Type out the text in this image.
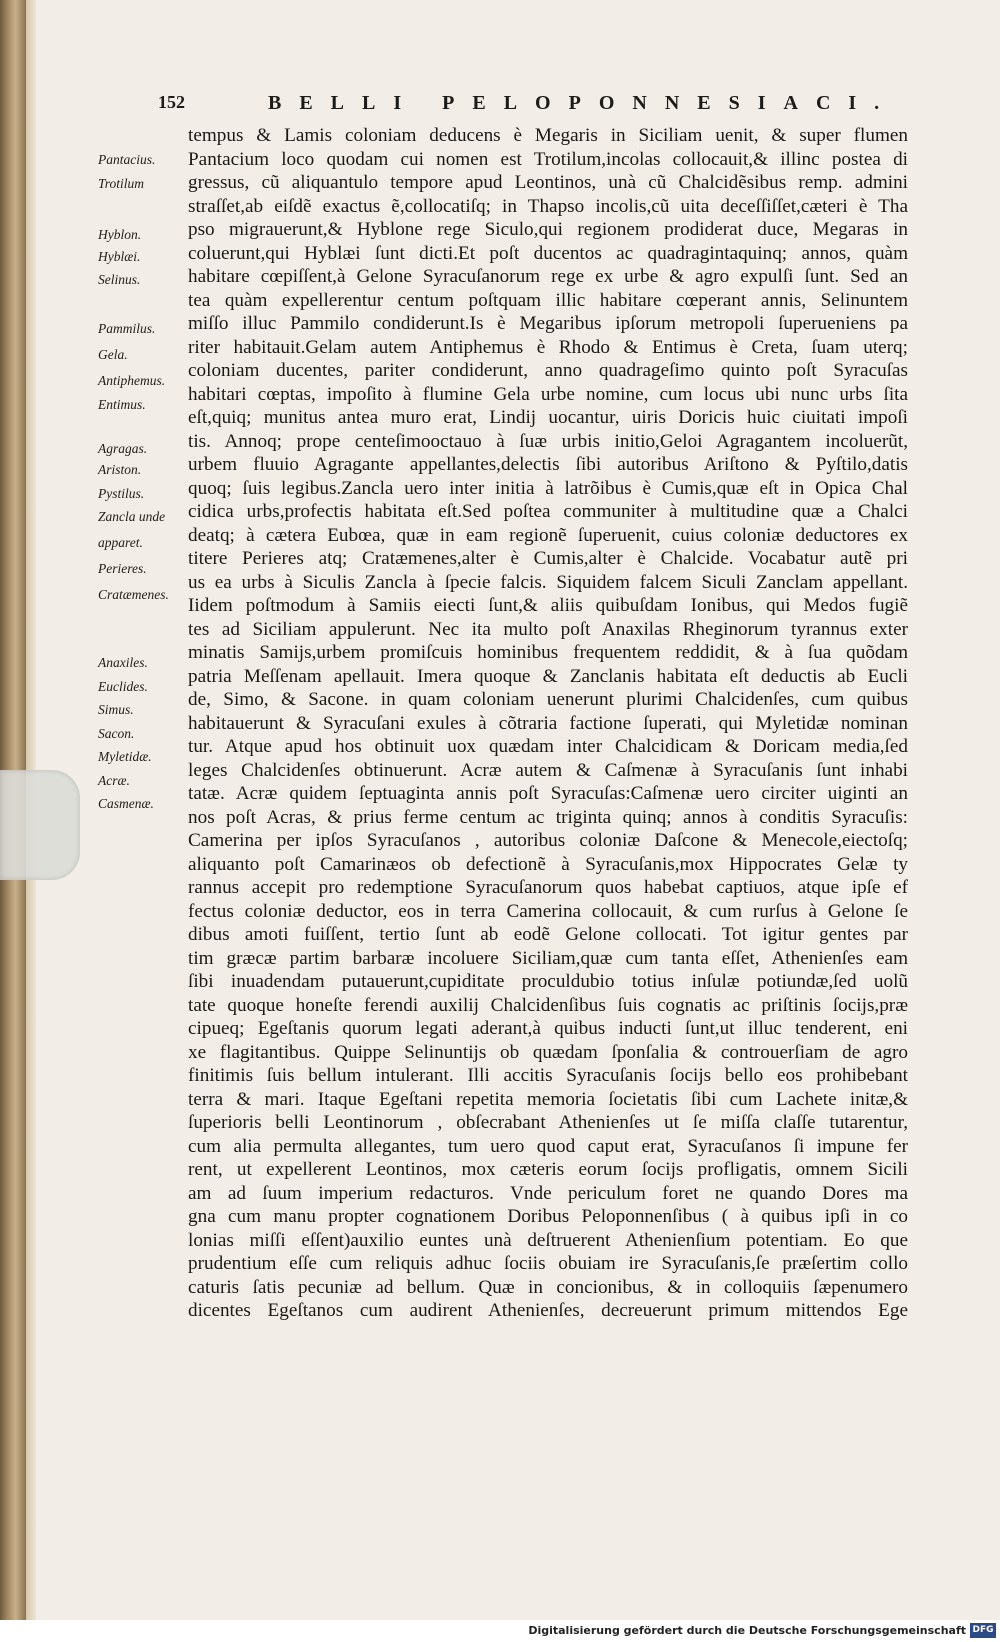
152	BELLI PELOPONNESIACI.
Pantacius.
Trotilum
Hyblon.
Hyblæi.
Selinus.
Pammilus.
Gela.
Antiphemus.
Entimus.
Agragas.
Ariston.
Pystilus.
Zancla unde
apparet.
Perieres.
Cratæmenes.
Anaxiles.
Euclides.
Simus.
Sacon.
Myletidæ.
Acræ.
Casmenæ.
tempus & Lamis coloniam deducens è Megaris in Siciliam uenit, & super flumen
Pantacium loco quodam cui nomen est Trotilum,incolas collocauit,& illinc postea di
gressus, cũ aliquantulo tempore apud Leontinos, unà cũ Chalcidẽsibus remp. admini
straſſet,ab eiſdẽ exactus ẽ,collocatiſq; in Thapso incolis,cũ uita deceſſiſſet,cæteri è Tha
pso migrauerunt,& Hyblone rege Siculo,qui regionem prodiderat duce, Megaras in
coluerunt,qui Hyblæi ſunt dicti.Et poſt ducentos ac quadragintaquinq; annos, quàm
habitare cœpiſſent,à Gelone Syracuſanorum rege ex urbe & agro expulſi ſunt. Sed an
tea quàm expellerentur centum poſtquam illic habitare cœperant annis, Selinuntem
miſſo illuc Pammilo condiderunt.Is è Megaribus ipſorum metropoli ſuperueniens pa
riter habitauit.Gelam autem Antiphemus è Rhodo & Entimus è Creta, ſuam uterq;
coloniam ducentes, pariter condiderunt, anno quadrageſimo quinto poſt Syracuſas
habitari cœptas, impoſito à flumine Gela urbe nomine, cum locus ubi nunc urbs ſita
eſt,quiq; munitus antea muro erat, Lindij uocantur, uiris Doricis huic ciuitati impoſi
tis. Annoq; prope centeſimooctauo à ſuæ urbis initio,Geloi Agragantem incoluerũt,
urbem fluuio Agragante appellantes,delectis ſibi autoribus Ariſtono & Pyſtilo,datis
quoq; ſuis legibus.Zancla uero inter initia à latrõibus è Cumis,quæ eſt in Opica Chal
cidica urbs,profectis habitata eſt.Sed poſtea communiter à multitudine quæ a Chalci
deatq; à cætera Eubœa, quæ in eam regionẽ ſuperuenit, cuius coloniæ deductores ex
titere Perieres atq; Cratæmenes,alter è Cumis,alter è Chalcide. Vocabatur autẽ pri
us ea urbs à Siculis Zancla à ſpecie falcis. Siquidem falcem Siculi Zanclam appellant.
Iidem poſtmodum à Samiis eiecti ſunt,& aliis quibuſdam Ionibus, qui Medos fugiẽ
tes ad Siciliam appulerunt. Nec ita multo poſt Anaxilas Rheginorum tyrannus exter
minatis Samijs,urbem promiſcuis hominibus frequentem reddidit, & à ſua quõdam
patria Meſſenam apellauit. Imera quoque & Zanclanis habitata eſt deductis ab Eucli
de, Simo, & Sacone. in quam coloniam uenerunt plurimi Chalcidenſes, cum quibus
habitauerunt & Syracuſani exules à cõtraria factione ſuperati, qui Myletidæ nominan
tur. Atque apud hos obtinuit uox quædam inter Chalcidicam & Doricam media,ſed
leges Chalcidenſes obtinuerunt. Acræ autem & Caſmenæ à Syracuſanis ſunt inhabi
tatæ. Acræ quidem ſeptuaginta annis poſt Syracuſas:Caſmenæ uero circiter uiginti an
nos poſt Acras, & prius ferme centum ac triginta quinq; annos à conditis Syracuſis:
Camerina per ipſos Syracuſanos , autoribus coloniæ Daſcone & Menecole,eiectoſq;
aliquanto poſt Camarinæos ob defectionẽ à Syracuſanis,mox Hippocrates Gelæ ty
rannus accepit pro redemptione Syracuſanorum quos habebat captiuos, atque ipſe ef
fectus coloniæ deductor, eos in terra Camerina collocauit, & cum rurſus à Gelone ſe
dibus amoti fuiſſent, tertio ſunt ab eodẽ Gelone collocati. Tot igitur gentes par
tim græcæ partim barbaræ incoluere Siciliam,quæ cum tanta eſſet, Athenienſes eam
ſibi inuadendam putauerunt,cupiditate proculdubio totius inſulæ potiundæ,ſed uolũ
tate quoque honeſte ferendi auxilij Chalcidenſibus ſuis cognatis ac priſtinis ſocijs,præ
cipueq; Egeſtanis quorum legati aderant,à quibus inducti ſunt,ut illuc tenderent, eni
xe flagitantibus. Quippe Selinuntijs ob quædam ſponſalia & controuerſiam de agro
finitimis ſuis bellum intulerant. Illi accitis Syracuſanis ſocijs bello eos prohibebant
terra & mari. Itaque Egeſtani repetita memoria ſocietatis ſibi cum Lachete initæ,&
ſuperioris belli Leontinorum , obſecrabant Athenienſes ut ſe miſſa claſſe tutarentur,
cum alia permulta allegantes, tum uero quod caput erat, Syracuſanos ſi impune fer
rent, ut expellerent Leontinos, mox cæteris eorum ſocijs profligatis, omnem Sicili
am ad ſuum imperium redacturos. Vnde periculum foret ne quando Dores ma
gna cum manu propter cognationem Doribus Peloponnenſibus ( à quibus ipſi in co
lonias miſſi eſſent)auxilio euntes unà deſtruerent Athenienſium potentiam. Eo que
prudentium eſſe cum reliquis adhuc ſociis obuiam ire Syracuſanis,ſe præſertim collo
caturis ſatis pecuniæ ad bellum. Quæ in concionibus, & in colloquiis ſæpenumero
dicentes Egeſtanos cum audirent Athenienſes, decreuerunt primum mittendos Ege
Digitalisierung gefördert durch die Deutsche Forschungsgemeinschaft DFG
